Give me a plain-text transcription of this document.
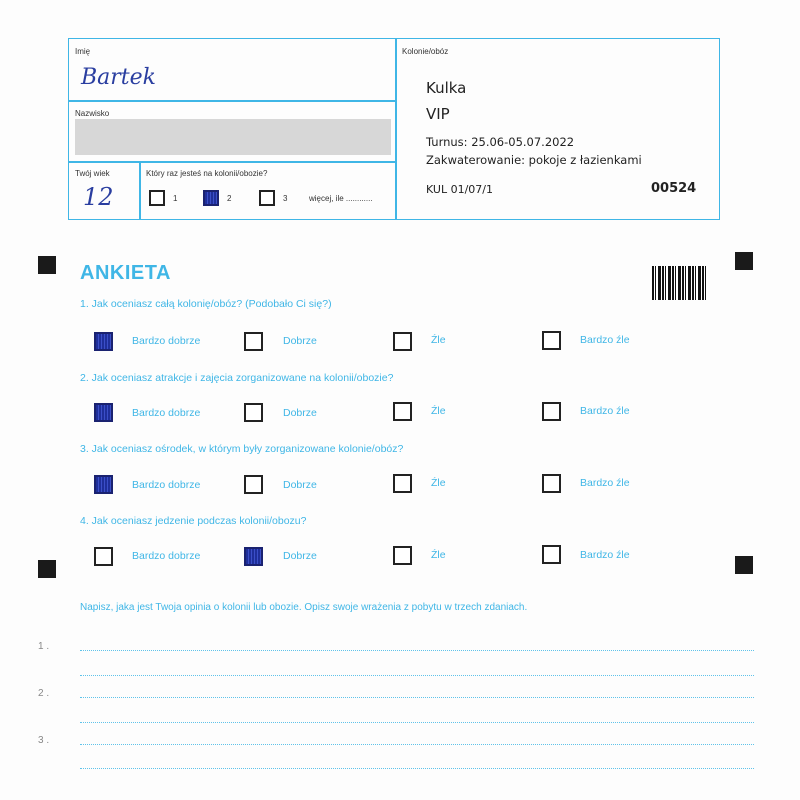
Imię
Bartek
Nazwisko
Twój wiek
12
Który raz jesteś na kolonii/obozie?
1	2	3	więcej, ile ............
Kolonie/obóz
Kulka
VIP
Turnus: 25.06-05.07.2022
Zakwaterowanie: pokoje z łazienkami
KUL 01/07/1	00524
ANKIETA
1. Jak oceniasz całą kolonię/obóz? (Podobało Ci się?)
Bardzo dobrze	Dobrze	Źle	Bardzo źle
2. Jak oceniasz atrakcje i zajęcia zorganizowane na kolonii/obozie?
Bardzo dobrze	Dobrze	Źle	Bardzo źle
3. Jak oceniasz ośrodek, w którym były zorganizowane kolonie/obóz?
Bardzo dobrze	Dobrze	Źle	Bardzo źle
4. Jak oceniasz jedzenie podczas kolonii/obozu?
Bardzo dobrze	Dobrze	Źle	Bardzo źle
Napisz, jaka jest Twoja opinia o kolonii lub obozie. Opisz swoje wrażenia z pobytu w trzech zdaniach.
1 .
2 .
3 .
